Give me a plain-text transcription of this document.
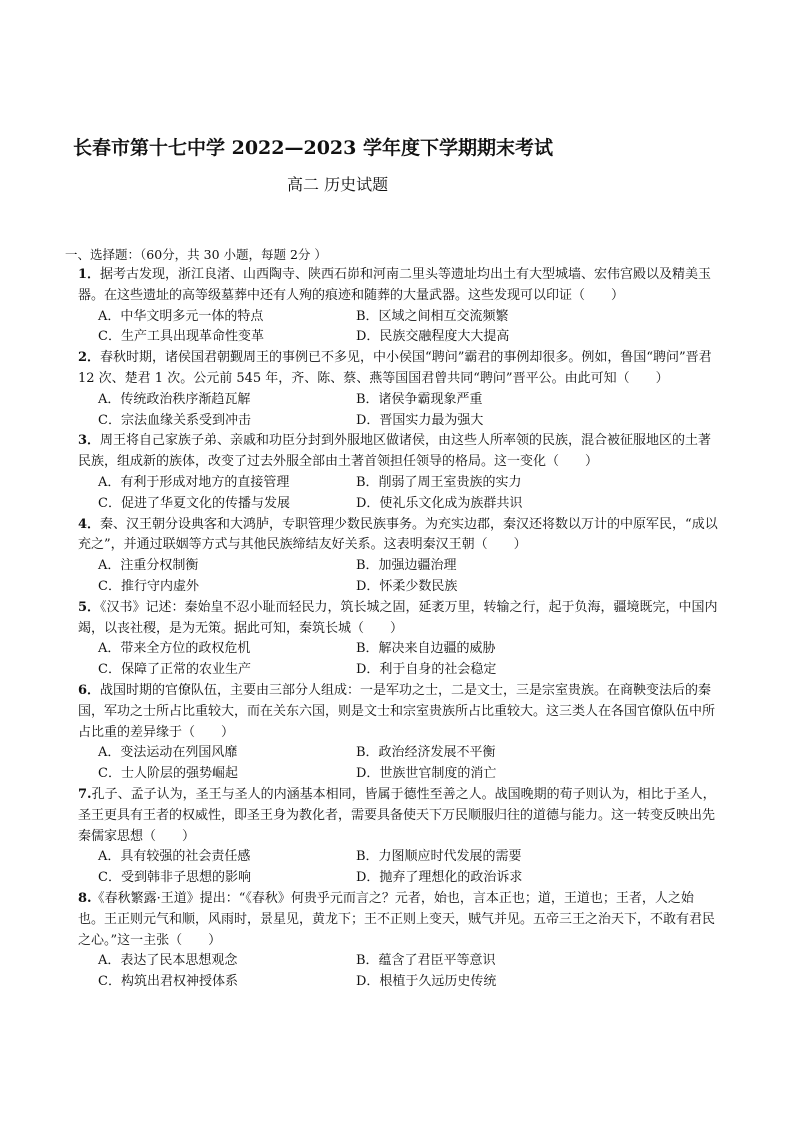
长春市第十七中学 2022—2023 学年度下学期期末考试
高二 历史试题
一、选择题：（60分，共 30 小题，每题 2分 ）

1．据考古发现，浙江良渚、山西陶寺、陕西石峁和河南二里头等遗址均出土有大型城墙、宏伟宫殿以及精美玉器。在这些遗址的高等级墓葬中还有人殉的痕迹和随葬的大量武器。这些发现可以印证（　　）

A．中华文明多元一体的特点	B．区域之间相互交流频繁
C．生产工具出现革命性变革	D．民族交融程度大大提高

2．春秋时期，诸侯国君朝觐周王的事例已不多见，中小侯国“聘问”霸君的事例却很多。例如，鲁国“聘问”晋君 12 次、楚君 1 次。公元前 545 年，齐、陈、蔡、燕等国国君曾共同“聘问”晋平公。由此可知（　　）

A．传统政治秩序渐趋瓦解	B．诸侯争霸现象严重
C．宗法血缘关系受到冲击	D．晋国实力最为强大

3．周王将自己家族子弟、亲戚和功臣分封到外服地区做诸侯，由这些人所率领的民族，混合被征服地区的土著民族，组成新的族体，改变了过去外服全部由土著首领担任领导的格局。这一变化（　　）

A．有利于形成对地方的直接管理	B．削弱了周王室贵族的实力
C．促进了华夏文化的传播与发展	D．使礼乐文化成为族群共识

4．秦、汉王朝分设典客和大鸿胪，专职管理少数民族事务。为充实边郡，秦汉还将数以万计的中原军民，“成以充之”，并通过联姻等方式与其他民族缔结友好关系。这表明秦汉王朝（　　）

A．注重分权制衡	B．加强边疆治理
C．推行守内虚外	D．怀柔少数民族

5．《汉书》记述：秦始皇不忍小耻而轻民力，筑长城之固，延袤万里，转输之行，起于负海，疆境既完，中国内竭，以丧社稷，是为无策。据此可知，秦筑长城（　　）

A．带来全方位的政权危机	B．解决来自边疆的威胁
C．保障了正常的农业生产	D．利于自身的社会稳定

6．战国时期的官僚队伍，主要由三部分人组成：一是军功之士，二是文士，三是宗室贵族。在商鞅变法后的秦国，军功之士所占比重较大，而在关东六国，则是文士和宗室贵族所占比重较大。这三类人在各国官僚队伍中所占比重的差异缘于（　　）

A．变法运动在列国风靡	B．政治经济发展不平衡
C．士人阶层的强势崛起	D．世族世官制度的消亡

7.孔子、孟子认为，圣王与圣人的内涵基本相同，皆属于德性至善之人。战国晚期的荀子则认为，相比于圣人，圣王更具有王者的权威性，即圣王身为教化者，需要具备使天下万民顺服归往的道德与能力。这一转变反映出先秦儒家思想（　　）

A．具有较强的社会责任感	B．力图顺应时代发展的需要
C．受到韩非子思想的影响	D．抛弃了理想化的政治诉求

8.《春秋繁露·王道》提出：“《春秋》何贵乎元而言之？元者，始也，言本正也；道，王道也；王者，人之始也。王正则元气和顺，风雨时，景星见，黄龙下；王不正则上变天，贼气并见。五帝三王之治天下，不敢有君民之心。”这一主张（　　）

A．表达了民本思想观念	B．蕴含了君臣平等意识
C．构筑出君权神授体系	D．根植于久远历史传统
